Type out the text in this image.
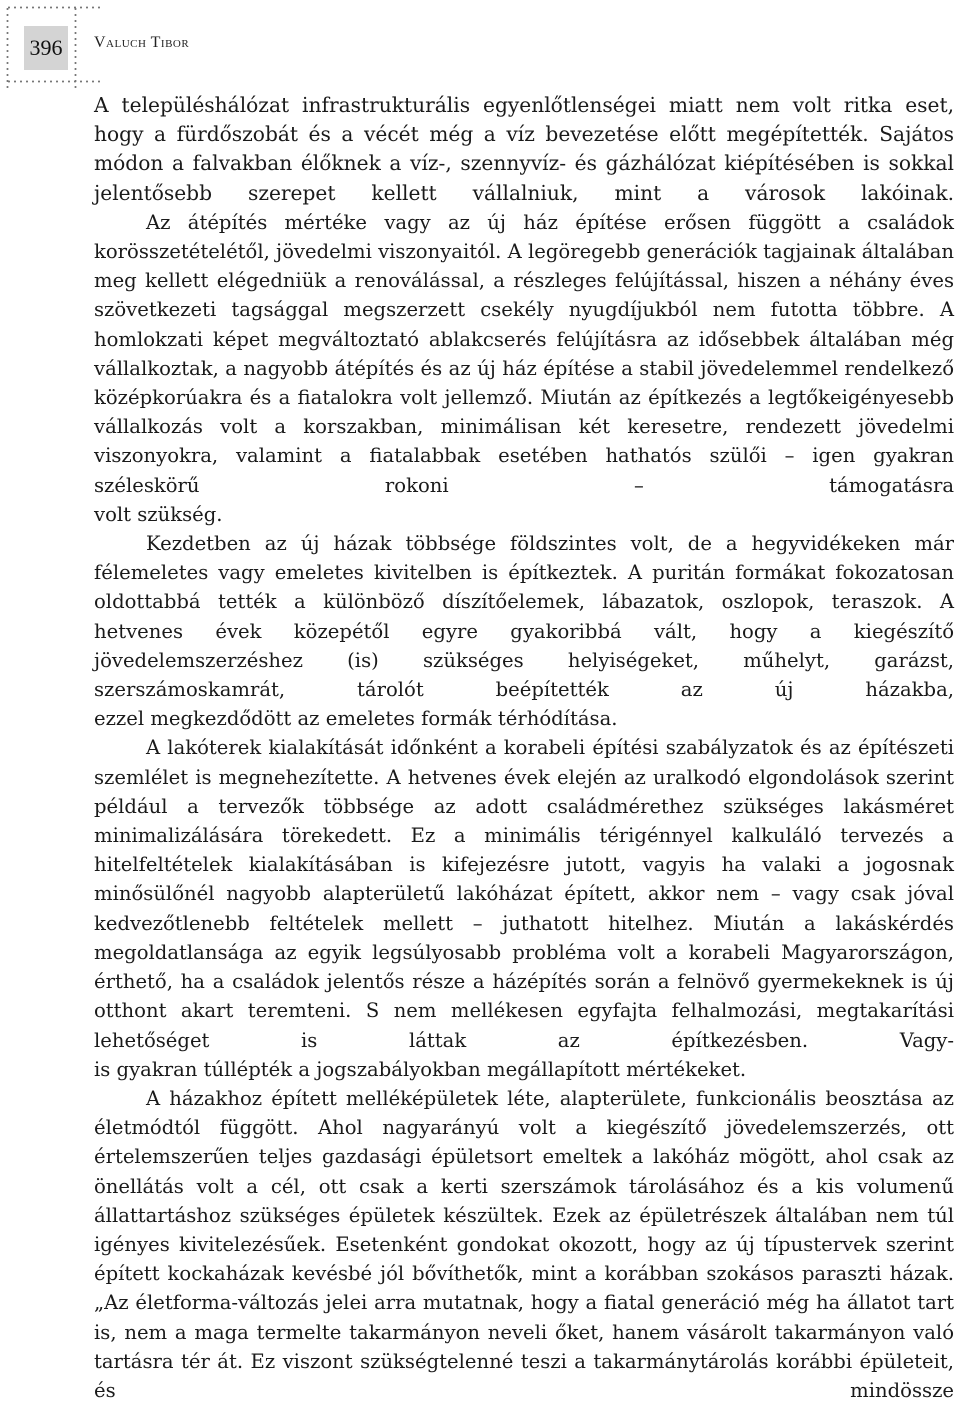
396 Valuch Tibor

A településhálózat infrastrukturális egyenlőtlenségei miatt nem volt ritka eset, hogy a fürdőszobát és a vécét még a víz bevezetése előtt megépítették. Sajátos módon a falvakban élőknek a víz-, szennyvíz- és gázhálózat kiépítésében is sokkal jelentősebb szerepet kellett vállalniuk, mint a városok lakóinak.

Az átépítés mértéke vagy az új ház építése erősen függött a családok korösszetételétől, jövedelmi viszonyaitól. A legöregebb generációk tagjainak általában meg kellett elégedniük a renoválással, a részleges felújítással, hiszen a néhány éves szövetkezeti tagsággal megszerzett csekély nyugdíjukból nem futotta többre. A homlokzati képet megváltoztató ablakcserés felújításra az idősebbek általában még vállalkoztak, a nagyobb átépítés és az új ház építése a stabil jövedelemmel rendelkező középkorúakra és a fiatalokra volt jellemző. Miután az építkezés a legtőkeigényesebb vállalkozás volt a korszakban, minimálisan két keresetre, rendezett jövedelmi viszonyokra, valamint a fiatalabbak esetében hathatós szülői – igen gyakran széleskörű rokoni – támogatásra
volt szükség.

Kezdetben az új házak többsége földszintes volt, de a hegyvidékeken már félemeletes vagy emeletes kivitelben is építkeztek. A puritán formákat fokozatosan oldottabbá tették a különböző díszítőelemek, lábazatok, oszlopok, teraszok. A hetvenes évek közepétől egyre gyakoribbá vált, hogy a kiegészítő jövedelemszerzéshez (is) szükséges helyiségeket, műhelyt, garázst, szerszámoskamrát, tárolót beépítették az új házakba,
ezzel megkezdődött az emeletes formák térhódítása.

A lakóterek kialakítását időnként a korabeli építési szabályzatok és az építészeti szemlélet is megnehezítette. A hetvenes évek elején az uralkodó elgondolások szerint például a tervezők többsége az adott családmérethez szükséges lakásméret minimalizálására törekedett. Ez a minimális térigénnyel kalkuláló tervezés a hitelfeltételek kialakításában is kifejezésre jutott, vagyis ha valaki a jogosnak minősülőnél nagyobb alapterületű lakóházat épített, akkor nem – vagy csak jóval kedvezőtlenebb feltételek mellett – juthatott hitelhez. Miután a lakáskérdés megoldatlansága az egyik legsúlyosabb probléma volt a korabeli Magyarországon, érthető, ha a családok jelentős része a házépítés során a felnövő gyermekeknek is új otthont akart teremteni. S nem mellékesen egyfajta felhalmozási, megtakarítási lehetőséget is láttak az építkezésben. Vagy-
is gyakran túllépték a jogszabályokban megállapított mértékeket.

A házakhoz épített melléképületek léte, alapterülete, funkcionális beosztása az életmódtól függött. Ahol nagyarányú volt a kiegészítő jövedelemszerzés, ott értelemszerűen teljes gazdasági épületsort emeltek a lakóház mögött, ahol csak az önellátás volt a cél, ott csak a kerti szerszámok tárolásához és a kis volumenű állattartáshoz szükséges épületek készültek. Ezek az épületrészek általában nem túl igényes kivitelezésűek. Esetenként gondokat okozott, hogy az új típustervek szerint épített kockaházak kevésbé jól bővíthetők, mint a korábban szokásos paraszti házak. „Az életforma-változás jelei arra mutatnak, hogy a fiatal generáció még ha állatot tart is, nem a maga termelte takarmányon neveli őket, hanem vásárolt takarmányon való tartásra tér át. Ez viszont szükségtelenné teszi a takarmánytárolás korábbi épületeit, és mindössze
